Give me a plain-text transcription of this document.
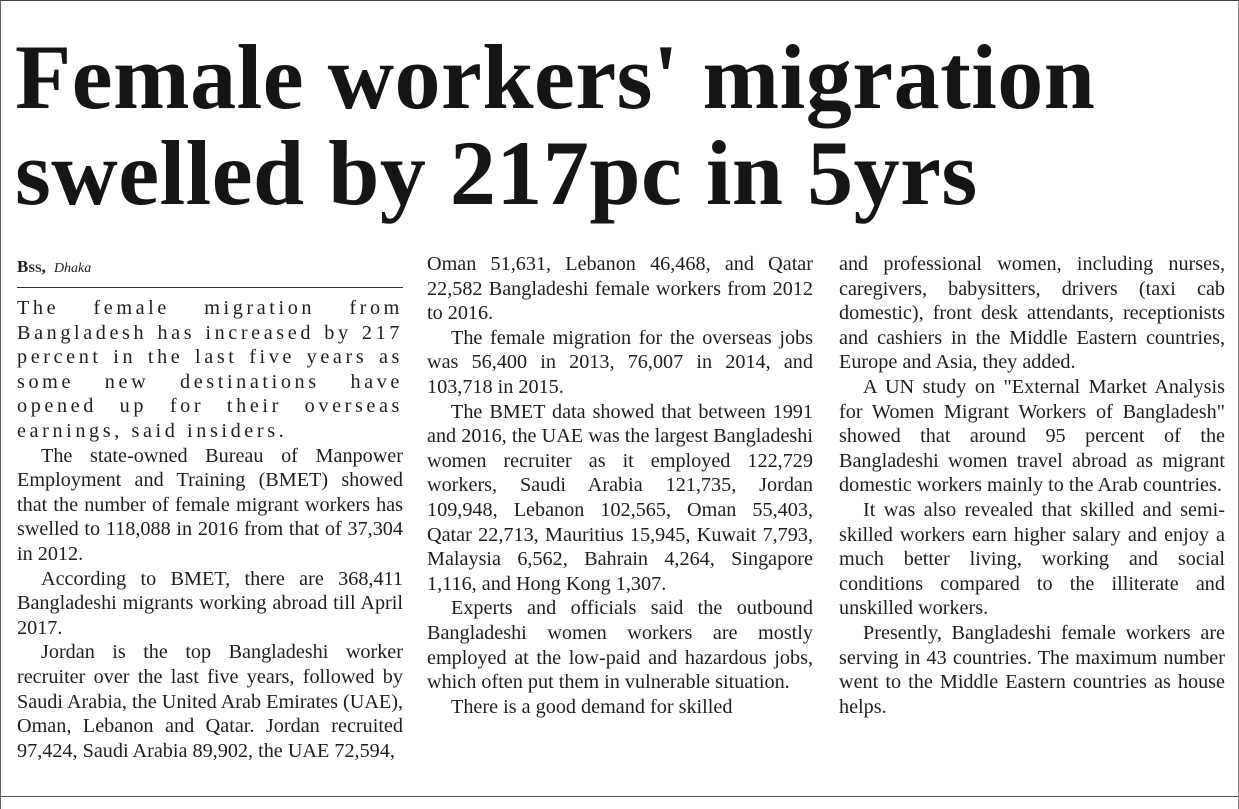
Female workers' migration
swelled by 217pc in 5yrs
Bss, Dhaka

The female migration from Bangladesh has increased by 217 percent in the last five years as some new destinations have opened up for their overseas earnings, said insiders.

The state-owned Bureau of Manpower Employment and Training (BMET) showed that the number of female migrant workers has swelled to 118,088 in 2016 from that of 37,304 in 2012.

According to BMET, there are 368,411 Bangladeshi migrants working abroad till April 2017.

Jordan is the top Bangladeshi worker recruiter over the last five years, followed by Saudi Arabia, the United Arab Emirates (UAE), Oman, Lebanon and Qatar. Jordan recruited 97,424, Saudi Arabia 89,902, the UAE 72,594,

Oman 51,631, Lebanon 46,468, and Qatar 22,582 Bangladeshi female workers from 2012 to 2016.

The female migration for the overseas jobs was 56,400 in 2013, 76,007 in 2014, and 103,718 in 2015.

The BMET data showed that between 1991 and 2016, the UAE was the largest Bangladeshi women recruiter as it employed 122,729 workers, Saudi Arabia 121,735, Jordan 109,948, Lebanon 102,565, Oman 55,403, Qatar 22,713, Mauritius 15,945, Kuwait 7,793, Malaysia 6,562, Bahrain 4,264, Singapore 1,116, and Hong Kong 1,307.

Experts and officials said the outbound Bangladeshi women workers are mostly employed at the low-paid and hazardous jobs, which often put them in vulnerable situation.

There is a good demand for skilled

and professional women, including nurses, caregivers, babysitters, drivers (taxi cab domestic), front desk attendants, receptionists and cashiers in the Middle Eastern countries, Europe and Asia, they added.

A UN study on "External Market Analysis for Women Migrant Workers of Bangladesh" showed that around 95 percent of the Bangladeshi women travel abroad as migrant domestic workers mainly to the Arab countries.

It was also revealed that skilled and semi-skilled workers earn higher salary and enjoy a much better living, working and social conditions compared to the illiterate and unskilled workers.

Presently, Bangladeshi female workers are serving in 43 countries. The maximum number went to the Middle Eastern countries as house helps.
